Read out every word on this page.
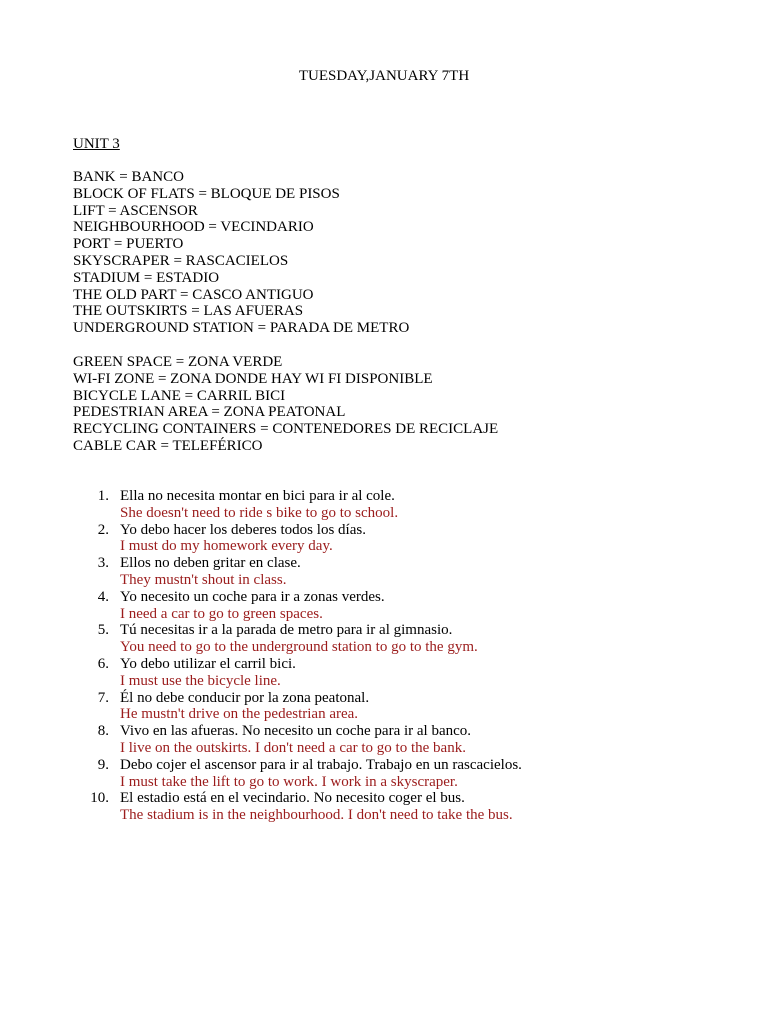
TUESDAY,JANUARY 7TH
UNIT 3
BANK = BANCO
BLOCK OF FLATS = BLOQUE DE PISOS
LIFT = ASCENSOR
NEIGHBOURHOOD = VECINDARIO
PORT = PUERTO
SKYSCRAPER = RASCACIELOS
STADIUM = ESTADIO
THE OLD PART = CASCO ANTIGUO
THE OUTSKIRTS = LAS AFUERAS
UNDERGROUND STATION = PARADA DE METRO
GREEN SPACE = ZONA VERDE
WI-FI ZONE = ZONA DONDE HAY WI FI DISPONIBLE
BICYCLE LANE = CARRIL BICI
PEDESTRIAN AREA = ZONA PEATONAL
RECYCLING CONTAINERS = CONTENEDORES DE RECICLAJE
CABLE CAR = TELEFÉRICO
1. Ella no necesita montar en bici para ir al cole.
She doesn't need to ride s bike to go to school.
2. Yo debo hacer los deberes todos los días.
I must do my homework every day.
3. Ellos no deben gritar en clase.
They mustn't shout in class.
4. Yo necesito un coche para ir a zonas verdes.
I need a car to go to green spaces.
5. Tú necesitas ir a la parada de metro para ir al gimnasio.
You need to go to the underground station to go to the gym.
6. Yo debo utilizar el carril bici.
I must use the bicycle line.
7. Él no debe conducir por la zona peatonal.
He mustn't drive on the pedestrian area.
8. Vivo en las afueras. No necesito un coche para ir al banco.
I live on the outskirts. I don't need a car to go to the bank.
9. Debo cojer el ascensor para ir al trabajo. Trabajo en un rascacielos.
I must take the lift to go to work. I work in a skyscraper.
10. El estadio está en el vecindario. No necesito coger el bus.
The stadium is in the neighbourhood. I don't need to take the bus.
